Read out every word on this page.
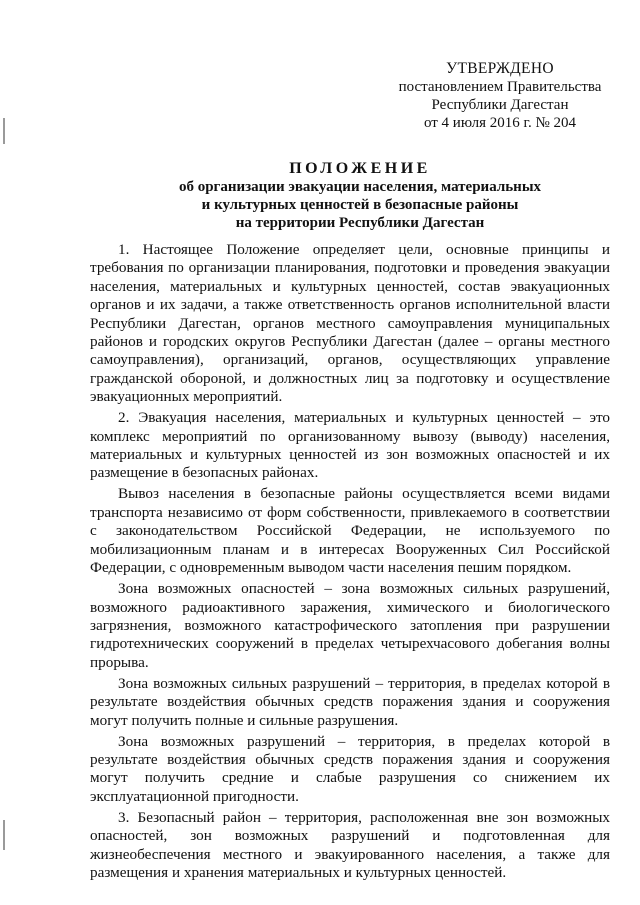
УТВЕРЖДЕНО
постановлением Правительства
Республики Дагестан
от 4 июля 2016 г. № 204
ПОЛОЖЕНИЕ
об организации эвакуации населения, материальных
и культурных ценностей в безопасные районы
на территории Республики Дагестан

1. Настоящее Положение определяет цели, основные принципы и требования по организации планирования, подготовки и проведения эвакуации населения, материальных и культурных ценностей, состав эвакуационных органов и их задачи, а также ответственность органов исполнительной власти Республики Дагестан, органов местного самоуправления муниципальных районов и городских округов Республики Дагестан (далее – органы местного самоуправления), организаций, органов, осуществляющих управление гражданской обороной, и должностных лиц за подготовку и осуществление эвакуационных мероприятий.

2. Эвакуация населения, материальных и культурных ценностей – это комплекс мероприятий по организованному вывозу (выводу) населения, материальных и культурных ценностей из зон возможных опасностей и их размещение в безопасных районах.

Вывоз населения в безопасные районы осуществляется всеми видами транспорта независимо от форм собственности, привлекаемого в соответствии с законодательством Российской Федерации, не используемого по мобилизационным планам и в интересах Вооруженных Сил Российской Федерации, с одновременным выводом части населения пешим порядком.

Зона возможных опасностей – зона возможных сильных разрушений, возможного радиоактивного заражения, химического и биологического загрязнения, возможного катастрофического затопления при разрушении гидротехнических сооружений в пределах четырехчасового добегания волны прорыва.

Зона возможных сильных разрушений – территория, в пределах которой в результате воздействия обычных средств поражения здания и сооружения могут получить полные и сильные разрушения.

Зона возможных разрушений – территория, в пределах которой в результате воздействия обычных средств поражения здания и сооружения могут получить средние и слабые разрушения со снижением их эксплуатационной пригодности.

3. Безопасный район – территория, расположенная вне зон возможных опасностей, зон возможных разрушений и подготовленная для жизнеобеспечения местного и эвакуированного населения, а также для размещения и хранения материальных и культурных ценностей.
